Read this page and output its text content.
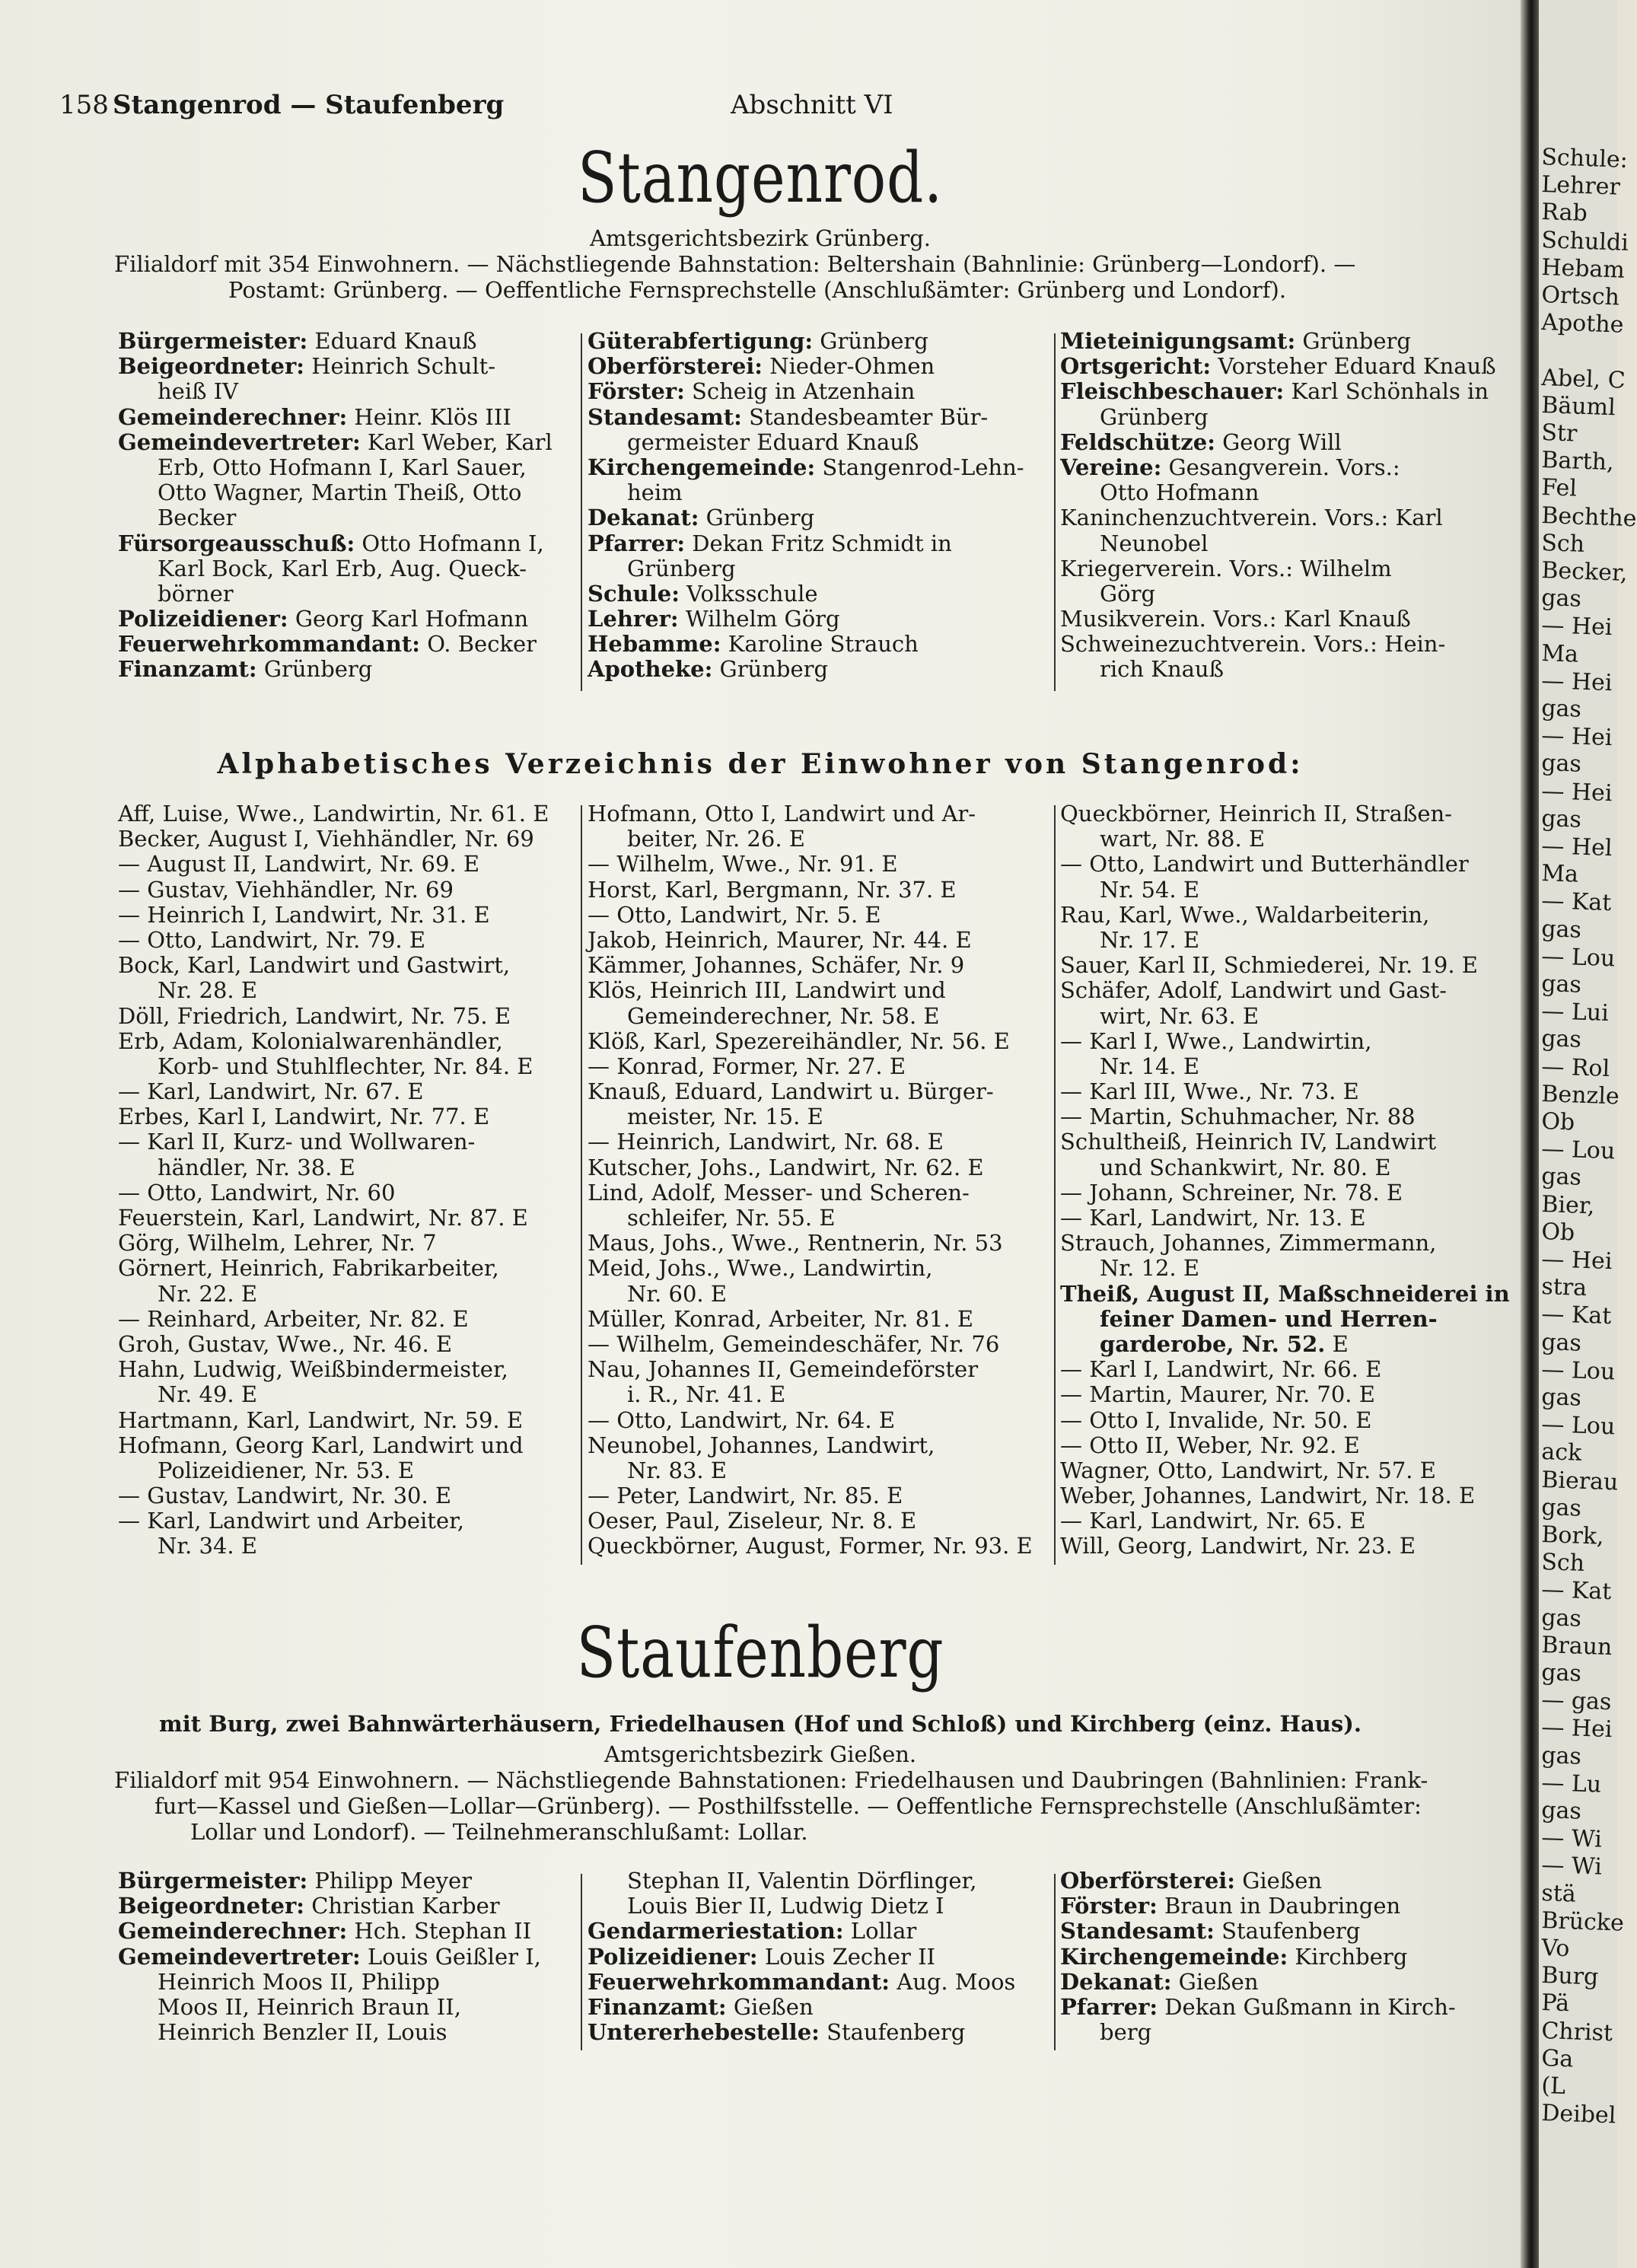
Schule:
Lehrer
Rab
Schuldi
Hebam
Ortsch
Apothe
Abel, C
Bäuml
Str
Barth,
Fel
Bechthe
Sch
Becker,
gas
— Hei
Ma
— Hei
gas
— Hei
gas
— Hei
gas
— Hel
Ma
— Kat
gas
— Lou
gas
— Lui
gas
— Rol
Benzle
Ob
— Lou
gas
Bier,
Ob
— Hei
stra
— Kat
gas
— Lou
gas
— Lou
ack
Bierau
gas
Bork,
Sch
— Kat
gas
Braun
gas
— gas
— Hei
gas
— Lu
gas
— Wi
— Wi
stä
Brücke
Vo
Burg
Pä
Christ
Ga
(L
Deibel
158 Stangenrod — Staufenberg	Abschnitt VI
Stangenrod.
Amtsgerichtsbezirk Grünberg.
Filialdorf mit 354 Einwohnern. — Nächstliegende Bahnstation: Beltershain (Bahnlinie: Grünberg—Londorf). —
Postamt: Grünberg. — Oeffentliche Fernsprechstelle (Anschlußämter: Grünberg und Londorf).
Bürgermeister: Eduard Knauß
Beigeordneter: Heinrich Schult-
heiß IV
Gemeinderechner: Heinr. Klös III
Gemeindevertreter: Karl Weber, Karl
Erb, Otto Hofmann I, Karl Sauer,
Otto Wagner, Martin Theiß, Otto
Becker
Fürsorgeausschuß: Otto Hofmann I,
Karl Bock, Karl Erb, Aug. Queck-
börner
Polizeidiener: Georg Karl Hofmann
Feuerwehrkommandant: O. Becker
Finanzamt: Grünberg
Güterabfertigung: Grünberg
Oberförsterei: Nieder-Ohmen
Förster: Scheig in Atzenhain
Standesamt: Standesbeamter Bür-
germeister Eduard Knauß
Kirchengemeinde: Stangenrod-Lehn-
heim
Dekanat: Grünberg
Pfarrer: Dekan Fritz Schmidt in
Grünberg
Schule: Volksschule
Lehrer: Wilhelm Görg
Hebamme: Karoline Strauch
Apotheke: Grünberg
Mieteinigungsamt: Grünberg
Ortsgericht: Vorsteher Eduard Knauß
Fleischbeschauer: Karl Schönhals in
Grünberg
Feldschütze: Georg Will
Vereine: Gesangverein. Vors.:
Otto Hofmann
Kaninchenzuchtverein. Vors.: Karl
Neunobel
Kriegerverein. Vors.: Wilhelm
Görg
Musikverein. Vors.: Karl Knauß
Schweinezuchtverein. Vors.: Hein-
rich Knauß
Alphabetisches Verzeichnis der Einwohner von Stangenrod:
Aff, Luise, Wwe., Landwirtin, Nr. 61. E
Becker, August I, Viehhändler, Nr. 69
— August II, Landwirt, Nr. 69. E
— Gustav, Viehhändler, Nr. 69
— Heinrich I, Landwirt, Nr. 31. E
— Otto, Landwirt, Nr. 79. E
Bock, Karl, Landwirt und Gastwirt,
Nr. 28. E
Döll, Friedrich, Landwirt, Nr. 75. E
Erb, Adam, Kolonialwarenhändler,
Korb- und Stuhlflechter, Nr. 84. E
— Karl, Landwirt, Nr. 67. E
Erbes, Karl I, Landwirt, Nr. 77. E
— Karl II, Kurz- und Wollwaren-
händler, Nr. 38. E
— Otto, Landwirt, Nr. 60
Feuerstein, Karl, Landwirt, Nr. 87. E
Görg, Wilhelm, Lehrer, Nr. 7
Görnert, Heinrich, Fabrikarbeiter,
Nr. 22. E
— Reinhard, Arbeiter, Nr. 82. E
Groh, Gustav, Wwe., Nr. 46. E
Hahn, Ludwig, Weißbindermeister,
Nr. 49. E
Hartmann, Karl, Landwirt, Nr. 59. E
Hofmann, Georg Karl, Landwirt und
Polizeidiener, Nr. 53. E
— Gustav, Landwirt, Nr. 30. E
— Karl, Landwirt und Arbeiter,
Nr. 34. E
Hofmann, Otto I, Landwirt und Ar-
beiter, Nr. 26. E
— Wilhelm, Wwe., Nr. 91. E
Horst, Karl, Bergmann, Nr. 37. E
— Otto, Landwirt, Nr. 5. E
Jakob, Heinrich, Maurer, Nr. 44. E
Kämmer, Johannes, Schäfer, Nr. 9
Klös, Heinrich III, Landwirt und
Gemeinderechner, Nr. 58. E
Klöß, Karl, Spezereihändler, Nr. 56. E
— Konrad, Former, Nr. 27. E
Knauß, Eduard, Landwirt u. Bürger-
meister, Nr. 15. E
— Heinrich, Landwirt, Nr. 68. E
Kutscher, Johs., Landwirt, Nr. 62. E
Lind, Adolf, Messer- und Scheren-
schleifer, Nr. 55. E
Maus, Johs., Wwe., Rentnerin, Nr. 53
Meid, Johs., Wwe., Landwirtin,
Nr. 60. E
Müller, Konrad, Arbeiter, Nr. 81. E
— Wilhelm, Gemeindeschäfer, Nr. 76
Nau, Johannes II, Gemeindeförster
i. R., Nr. 41. E
— Otto, Landwirt, Nr. 64. E
Neunobel, Johannes, Landwirt,
Nr. 83. E
— Peter, Landwirt, Nr. 85. E
Oeser, Paul, Ziseleur, Nr. 8. E
Queckbörner, August, Former, Nr. 93. E
Queckbörner, Heinrich II, Straßen-
wart, Nr. 88. E
— Otto, Landwirt und Butterhändler
Nr. 54. E
Rau, Karl, Wwe., Waldarbeiterin,
Nr. 17. E
Sauer, Karl II, Schmiederei, Nr. 19. E
Schäfer, Adolf, Landwirt und Gast-
wirt, Nr. 63. E
— Karl I, Wwe., Landwirtin,
Nr. 14. E
— Karl III, Wwe., Nr. 73. E
— Martin, Schuhmacher, Nr. 88
Schultheiß, Heinrich IV, Landwirt
und Schankwirt, Nr. 80. E
— Johann, Schreiner, Nr. 78. E
— Karl, Landwirt, Nr. 13. E
Strauch, Johannes, Zimmermann,
Nr. 12. E
Theiß, August II, Maßschneiderei in
feiner Damen- und Herren-
garderobe, Nr. 52. E
— Karl I, Landwirt, Nr. 66. E
— Martin, Maurer, Nr. 70. E
— Otto I, Invalide, Nr. 50. E
— Otto II, Weber, Nr. 92. E
Wagner, Otto, Landwirt, Nr. 57. E
Weber, Johannes, Landwirt, Nr. 18. E
— Karl, Landwirt, Nr. 65. E
Will, Georg, Landwirt, Nr. 23. E
Staufenberg
mit Burg, zwei Bahnwärterhäusern, Friedelhausen (Hof und Schloß) und Kirchberg (einz. Haus).
Amtsgerichtsbezirk Gießen.
Filialdorf mit 954 Einwohnern. — Nächstliegende Bahnstationen: Friedelhausen und Daubringen (Bahnlinien: Frank-
furt—Kassel und Gießen—Lollar—Grünberg). — Posthilfsstelle. — Oeffentliche Fernsprechstelle (Anschlußämter:
Lollar und Londorf). — Teilnehmeranschlußamt: Lollar.
Bürgermeister: Philipp Meyer
Beigeordneter: Christian Karber
Gemeinderechner: Hch. Stephan II
Gemeindevertreter: Louis Geißler I,
Heinrich Moos II, Philipp
Moos II, Heinrich Braun II,
Heinrich Benzler II, Louis
Stephan II, Valentin Dörflinger,
Louis Bier II, Ludwig Dietz I
Gendarmeriestation: Lollar
Polizeidiener: Louis Zecher II
Feuerwehrkommandant: Aug. Moos
Finanzamt: Gießen
Untererhebestelle: Staufenberg
Oberförsterei: Gießen
Förster: Braun in Daubringen
Standesamt: Staufenberg
Kirchengemeinde: Kirchberg
Dekanat: Gießen
Pfarrer: Dekan Gußmann in Kirch-
berg
